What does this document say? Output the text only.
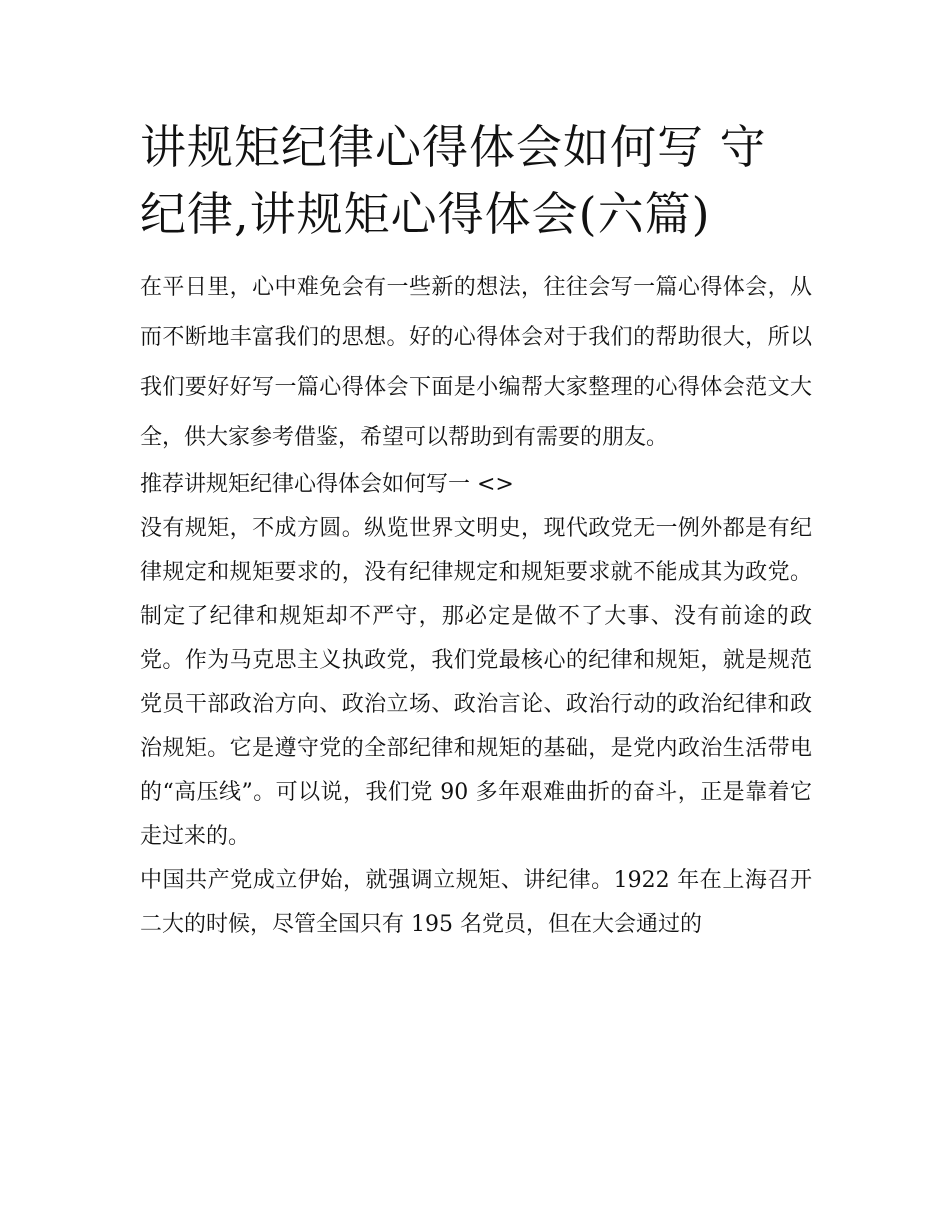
讲规矩纪律心得体会如何写 守纪律,讲规矩心得体会(六篇)

在平日里，心中难免会有一些新的想法，往往会写一篇心得体会，从而不断地丰富我们的思想。好的心得体会对于我们的帮助很大，所以我们要好好写一篇心得体会下面是小编帮大家整理的心得体会范文大全，供大家参考借鉴，希望可以帮助到有需要的朋友。

推荐讲规矩纪律心得体会如何写一 <>

没有规矩，不成方圆。纵览世界文明史，现代政党无一例外都是有纪律规定和规矩要求的，没有纪律规定和规矩要求就不能成其为政党。制定了纪律和规矩却不严守，那必定是做不了大事、没有前途的政党。作为马克思主义执政党，我们党最核心的纪律和规矩，就是规范党员干部政治方向、政治立场、政治言论、政治行动的政治纪律和政治规矩。它是遵守党的全部纪律和规矩的基础，是党内政治生活带电的“高压线”。可以说，我们党 90 多年艰难曲折的奋斗，正是靠着它走过来的。

中国共产党成立伊始，就强调立规矩、讲纪律。1922 年在上海召开二大的时候，尽管全国只有 195 名党员，但在大会通过的
